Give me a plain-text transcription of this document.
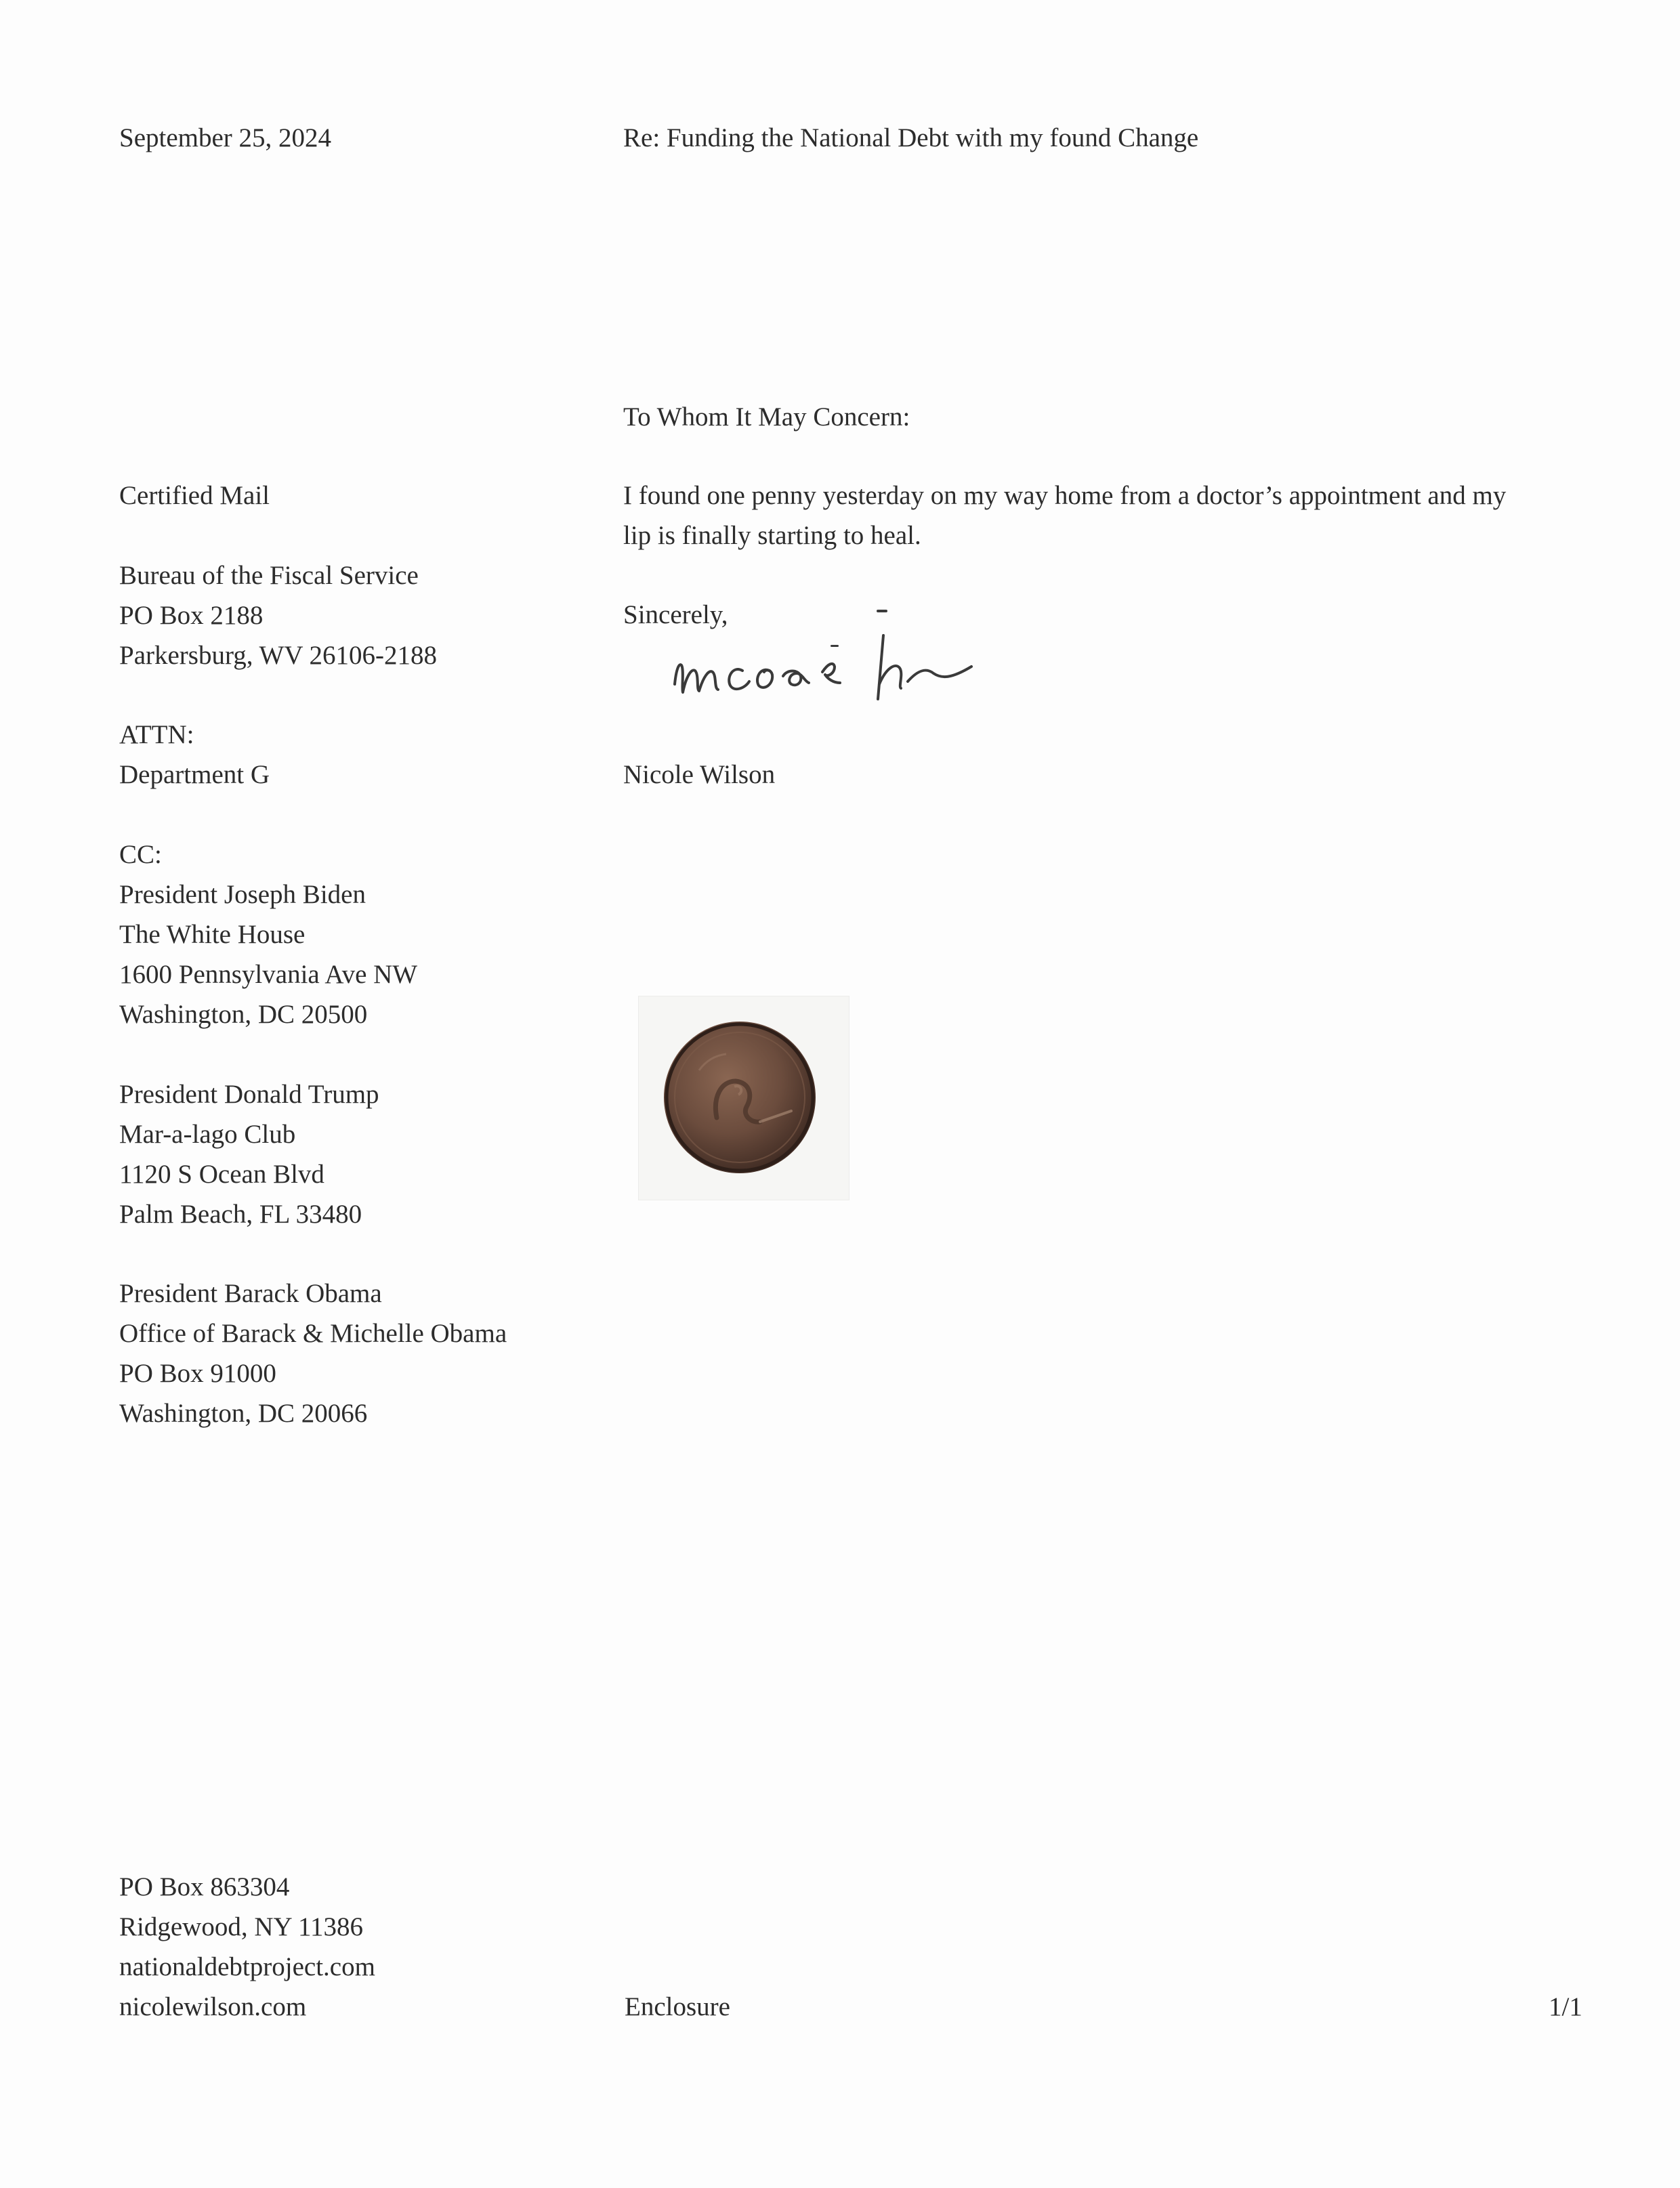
September 25, 2024	Re: Funding the National Debt with my found Change
To Whom It May Concern:
I found one penny yesterday on my way home from a doctor’s appointment and my
lip is finally starting to heal.
Sincerely,
Nicole Wilson
Certified Mail
Bureau of the Fiscal Service
PO Box 2188
Parkersburg, WV 26106-2188
ATTN:
Department G
CC:
President Joseph Biden
The White House
1600 Pennsylvania Ave NW
Washington, DC 20500
President Donald Trump
Mar-a-lago Club
1120 S Ocean Blvd
Palm Beach, FL 33480
President Barack Obama
Office of Barack & Michelle Obama
PO Box 91000
Washington, DC 20066
PO Box 863304
Ridgewood, NY 11386
nationaldebtproject.com
nicolewilson.com	Enclosure	1/1
